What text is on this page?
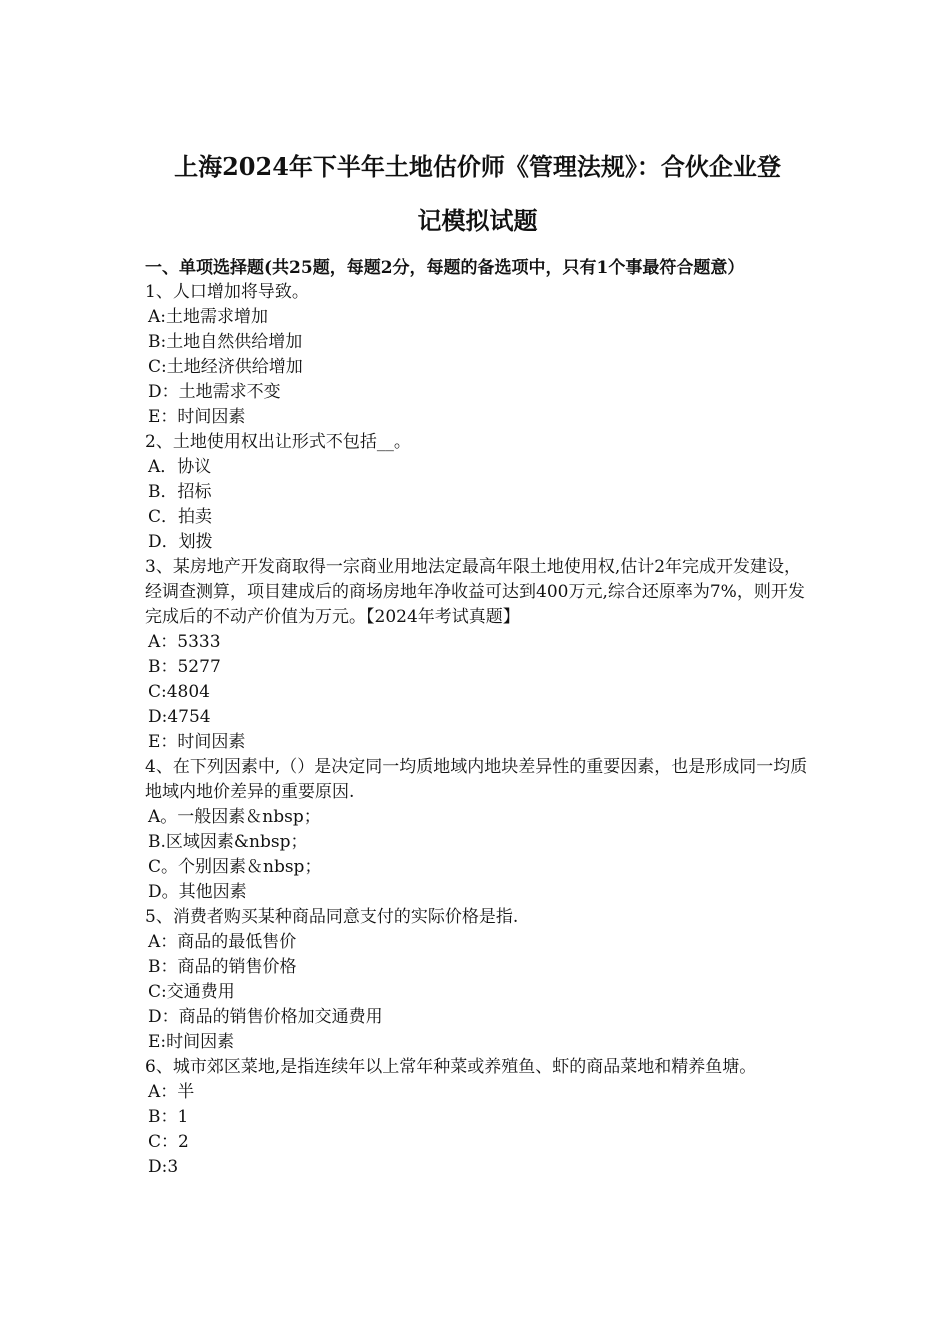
上海2024年下半年土地估价师《管理法规》：合伙企业登
记模拟试题
一、单项选择题(共25题，每题2分，每题的备选项中，只有1个事最符合题意）
1、人口增加将导致。
A:土地需求增加
B:土地自然供给增加
C:土地经济供给增加
D：土地需求不变
E：时间因素
2、土地使用权出让形式不包括__。
A．协议
B．招标
C．拍卖
D．划拨
3、某房地产开发商取得一宗商业用地法定最高年限土地使用权,估计2年完成开发建设，经调查测算，项目建成后的商场房地年净收益可达到400万元,综合还原率为7%，则开发完成后的不动产价值为万元。【2024年考试真题】
A：5333
B：5277
C:4804
D:4754
E：时间因素
4、在下列因素中,（）是决定同一均质地域内地块差异性的重要因素，也是形成同一均质地域内地价差异的重要原因.
A。一般因素＆nbsp；
B.区域因素&nbsp；
C。个别因素＆nbsp；
D。其他因素
5、消费者购买某种商品同意支付的实际价格是指.
A：商品的最低售价
B：商品的销售价格
C:交通费用
D：商品的销售价格加交通费用
E:时间因素
6、城市郊区菜地,是指连续年以上常年种菜或养殖鱼、虾的商品菜地和精养鱼塘。
A：半
B：1
C：2
D:3
